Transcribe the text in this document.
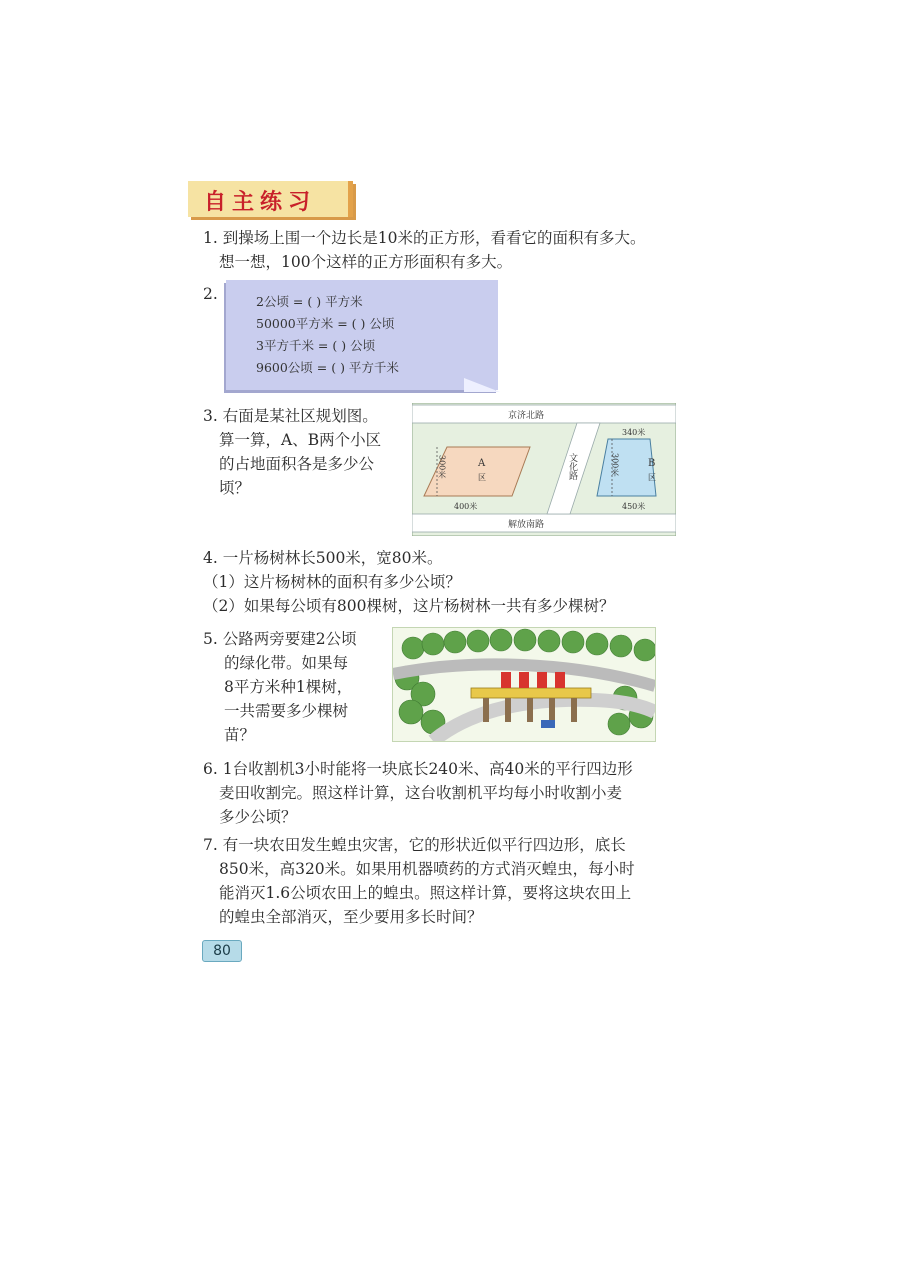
自主练习
1. 到操场上围一个边长是10米的正方形，看看它的面积有多大。
想一想，100个这样的正方形面积有多大。
2.	2公顷 = ( ) 平方米
50000平方米 = ( ) 公顷
3平方千米 = ( ) 公顷
9600公顷 = ( ) 平方千米
3. 右面是某社区规划图。
算一算，A、B两个小区
的占地面积各是多少公
顷？
京济北路
解放南路
文化路
A
区
300米
400米
B
区
300米
340米
450米
4. 一片杨树林长500米，宽80米。
（1）这片杨树林的面积有多少公顷？
（2）如果每公顷有800棵树，这片杨树林一共有多少棵树？
5. 公路两旁要建2公顷
的绿化带。如果每
8平方米种1棵树，
一共需要多少棵树
苗？
6. 1台收割机3小时能将一块底长240米、高40米的平行四边形
麦田收割完。照这样计算，这台收割机平均每小时收割小麦
多少公顷？
7. 有一块农田发生蝗虫灾害，它的形状近似平行四边形，底长
850米，高320米。如果用机器喷药的方式消灭蝗虫，每小时
能消灭1.6公顷农田上的蝗虫。照这样计算，要将这块农田上
的蝗虫全部消灭，至少要用多长时间？
80
